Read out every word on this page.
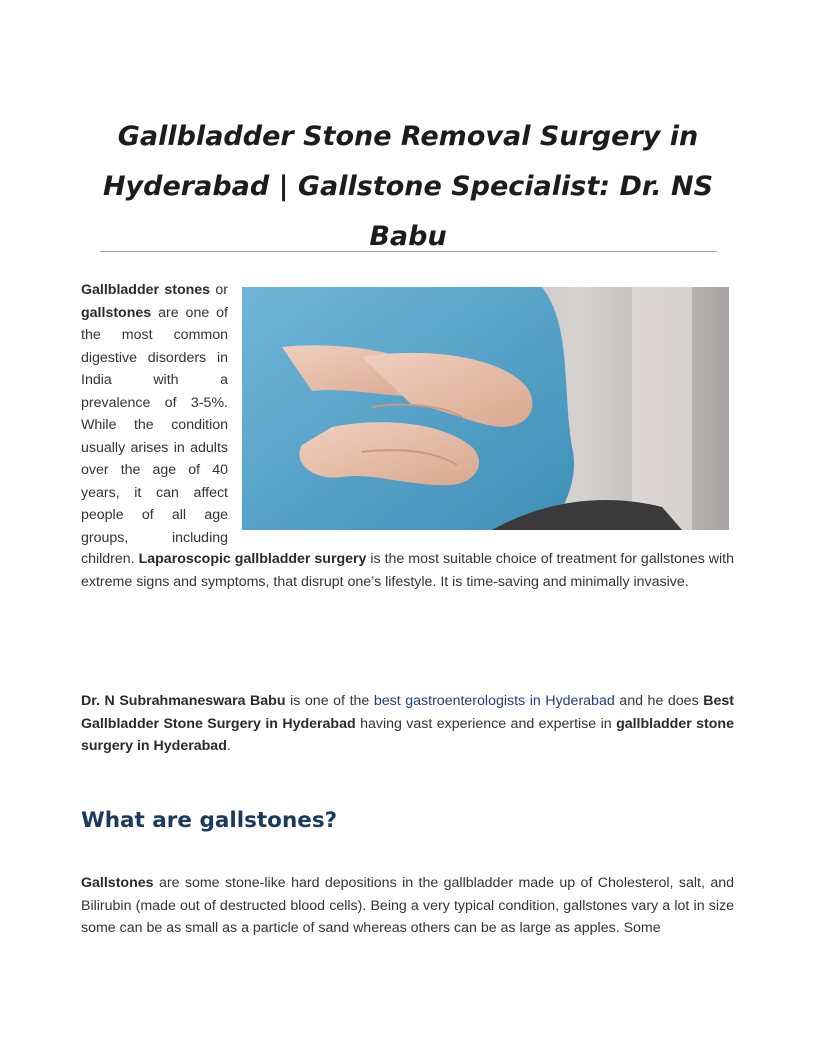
Gallbladder Stone Removal Surgery in
Hyderabad | Gallstone Specialist: Dr. NS Babu
Gallbladder stones or
gallstones are one of
the most common
digestive disorders in
India with a
prevalence of 3-5%.
While the condition
usually arises in adults
over the age of 40
years, it can affect
people of all age
groups, including

children. Laparoscopic gallbladder surgery is the most suitable choice of treatment for gallstones with extreme signs and symptoms, that disrupt one’s lifestyle. It is time-saving and minimally invasive.

Dr. N Subrahmaneswara Babu is one of the best gastroenterologists in Hyderabad and he does Best Gallbladder Stone Surgery in Hyderabad having vast experience and expertise in gallbladder stone surgery in Hyderabad.

What are gallstones?

Gallstones are some stone-like hard depositions in the gallbladder made up of Cholesterol, salt, and Bilirubin (made out of destructed blood cells). Being a very typical condition, gallstones vary a lot in size some can be as small as a particle of sand whereas others can be as large as apples. Some
